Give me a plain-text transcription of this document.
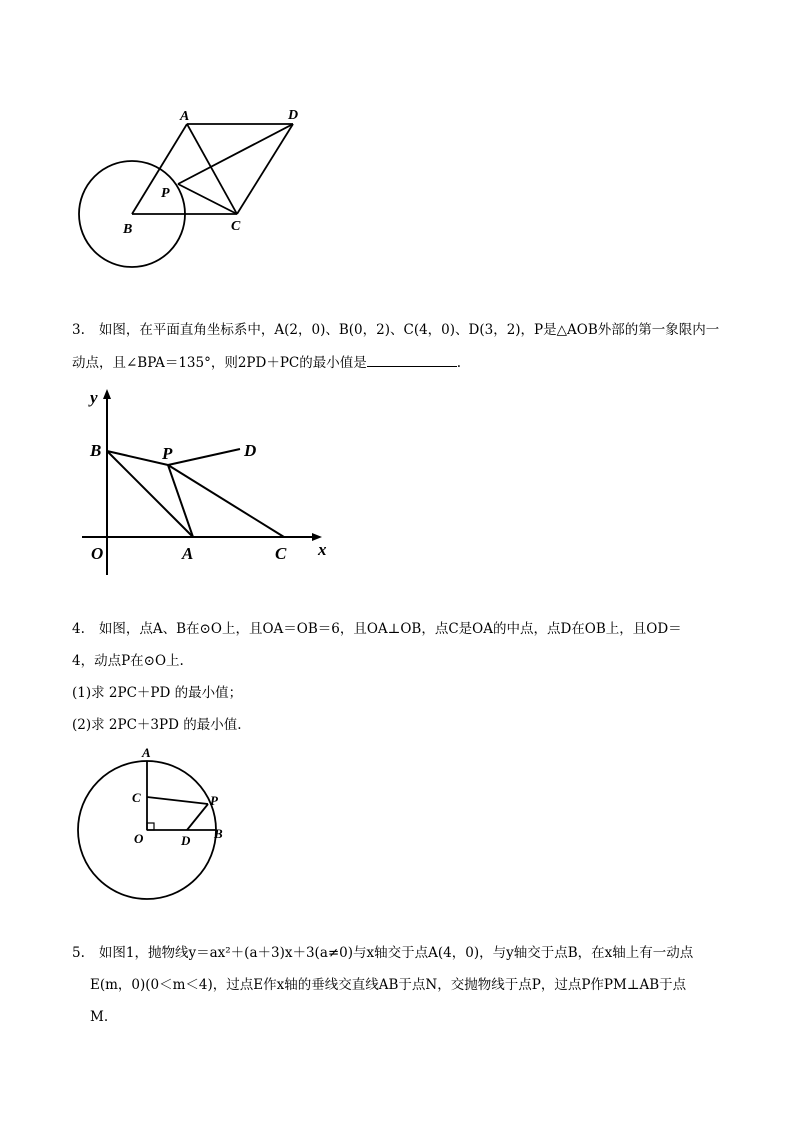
A	D
P
B	C
3. 如图，在平面直角坐标系中，A(2，0)、B(0，2)、C(4，0)、D(3，2)，P是△AOB外部的第一象限内一
动点，且∠BPA＝135°，则2PD＋PC的最小值是	.
y
x
O	A
B
C
P	D
4. 如图，点A、B在⊙O上，且OA＝OB＝6，且OA⊥OB，点C是OA的中点，点D在OB上，且OD＝
4，动点P在⊙O上.
(1)求 2PC＋PD 的最小值；
(2)求 2PC＋3PD 的最小值.
A
C	P
O	D B
5. 如图1，抛物线y＝ax²＋(a＋3)x＋3(a≠0)与x轴交于点A(4，0)，与y轴交于点B，在x轴上有一动点
E(m，0)(0＜m＜4)，过点E作x轴的垂线交直线AB于点N，交抛物线于点P，过点P作PM⊥AB于点
M.
